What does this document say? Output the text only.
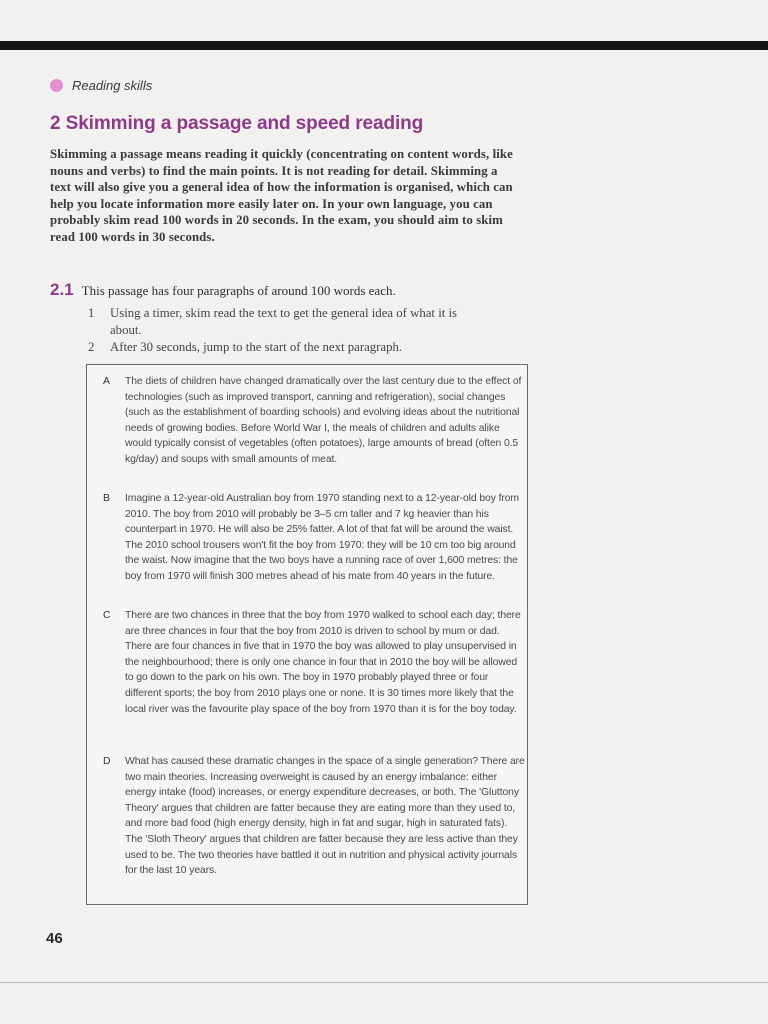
Reading skills
2 Skimming a passage and speed reading

Skimming a passage means reading it quickly (concentrating on content words, like nouns and verbs) to find the main points. It is not reading for detail. Skimming a text will also give you a general idea of how the information is organised, which can help you locate information more easily later on. In your own language, you can probably skim read 100 words in 20 seconds. In the exam, you should aim to skim read 100 words in 30 seconds.

2.1 This passage has four paragraphs of around 100 words each.
1	Using a timer, skim read the text to get the general idea of what it is about.
2	After 30 seconds, jump to the start of the next paragraph.
A	The diets of children have changed dramatically over the last century due to the effect of technologies (such as improved transport, canning and refrigeration), social changes (such as the establishment of boarding schools) and evolving ideas about the nutritional needs of growing bodies. Before World War I, the meals of children and adults alike would typically consist of vegetables (often potatoes), large amounts of bread (often 0.5 kg/day) and soups with small amounts of meat.
B	Imagine a 12-year-old Australian boy from 1970 standing next to a 12-year-old boy from 2010. The boy from 2010 will probably be 3–5 cm taller and 7 kg heavier than his counterpart in 1970. He will also be 25% fatter. A lot of that fat will be around the waist. The 2010 school trousers won't fit the boy from 1970: they will be 10 cm too big around the waist. Now imagine that the two boys have a running race of over 1,600 metres: the boy from 1970 will finish 300 metres ahead of his mate from 40 years in the future.
C	There are two chances in three that the boy from 1970 walked to school each day; there are three chances in four that the boy from 2010 is driven to school by mum or dad. There are four chances in five that in 1970 the boy was allowed to play unsupervised in the neighbourhood; there is only one chance in four that in 2010 the boy will be allowed to go down to the park on his own. The boy in 1970 probably played three or four different sports; the boy from 2010 plays one or none. It is 30 times more likely that the local river was the favourite play space of the boy from 1970 than it is for the boy today.
D	What has caused these dramatic changes in the space of a single generation? There are two main theories. Increasing overweight is caused by an energy imbalance: either energy intake (food) increases, or energy expenditure decreases, or both. The 'Gluttony Theory' argues that children are fatter because they are eating more than they used to, and more bad food (high energy density, high in fat and sugar, high in saturated fats). The 'Sloth Theory' argues that children are fatter because they are less active than they used to be. The two theories have battled it out in nutrition and physical activity journals for the last 10 years.
46
